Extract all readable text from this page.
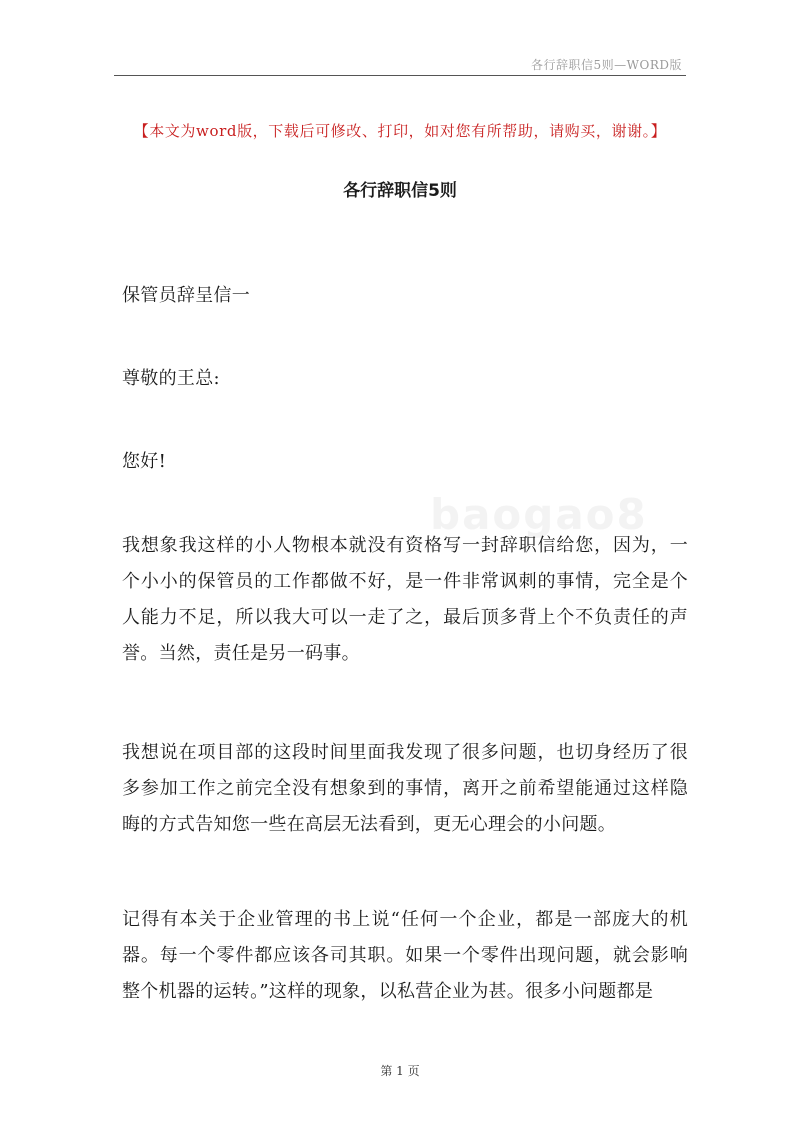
各行辞职信5则—WORD版
【本文为word版，下载后可修改、打印，如对您有所帮助，请购买，谢谢。】
各行辞职信5则
baogao8

保管员辞呈信一

尊敬的王总:

您好!

我想象我这样的小人物根本就没有资格写一封辞职信给您，因为，一个小小的保管员的工作都做不好，是一件非常讽刺的事情，完全是个人能力不足，所以我大可以一走了之，最后顶多背上个不负责任的声誉。当然，责任是另一码事。

我想说在项目部的这段时间里面我发现了很多问题，也切身经历了很多参加工作之前完全没有想象到的事情，离开之前希望能通过这样隐晦的方式告知您一些在高层无法看到，更无心理会的小问题。

记得有本关于企业管理的书上说“任何一个企业，都是一部庞大的机器。每一个零件都应该各司其职。如果一个零件出现问题，就会影响整个机器的运转。”这样的现象，以私营企业为甚。很多小问题都是

第 1 页
